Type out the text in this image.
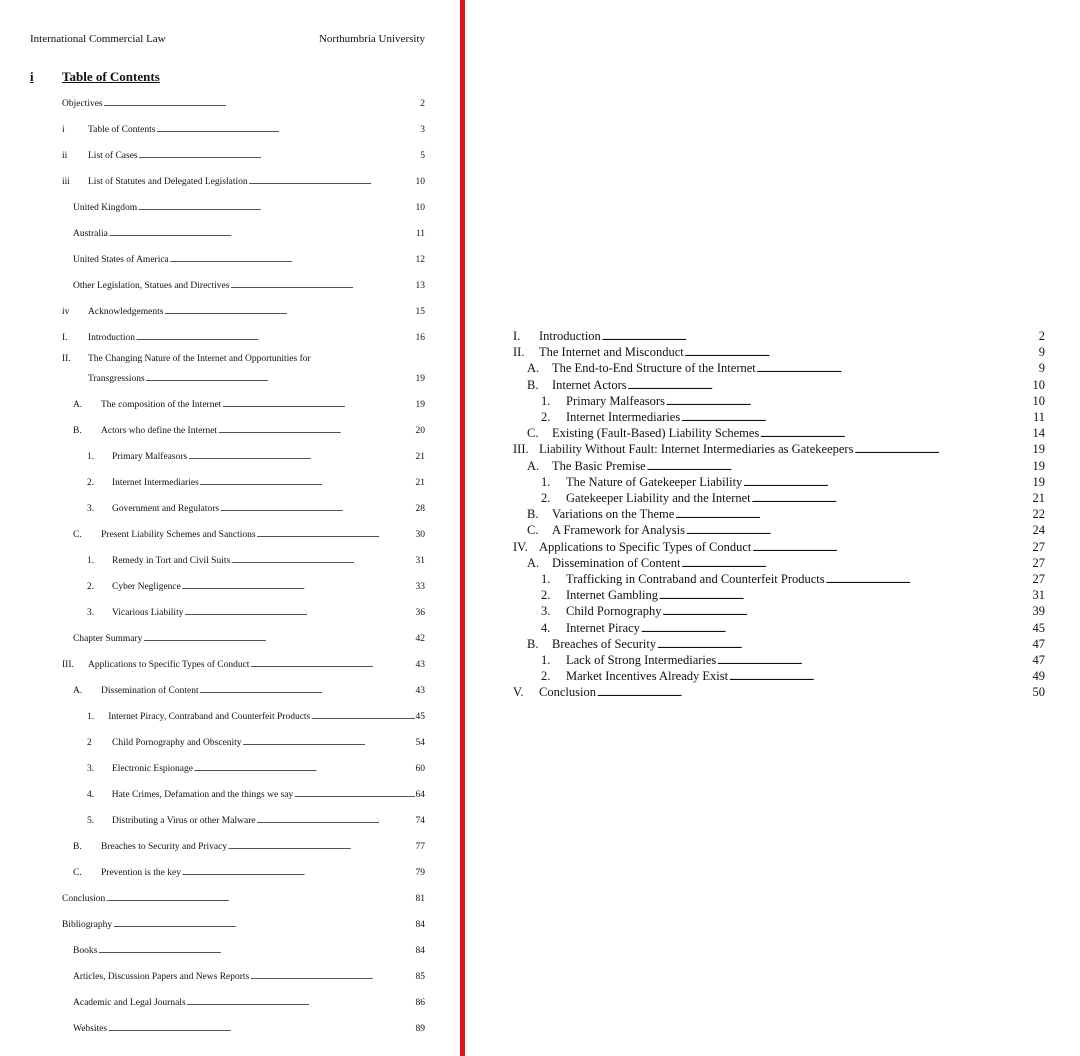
International Commercial Law	Northumbria University
i Table of Contents
Objectives . . .	2
i	Table of Contents . . .	3
ii	List of Cases . . .	5
iii	List of Statutes and Delegated Legislation . . .	10
United Kingdom . . .	10
Australia . . .	11
United States of America . . .	12
Other Legislation, Statues and Directives . . .	13
iv	Acknowledgements . . .	15
I.	Introduction . . .	16
II.	The Changing Nature of the Internet and Opportunities for
Transgressions . . .	19
A.	The composition of the Internet . . .	19
B.	Actors who define the Internet . . .	20
1.	Primary Malfeasors . . .	21
2.	Internet Intermediaries . . .	21
3.	Government and Regulators . . .	28
C.	Present Liability Schemes and Sanctions . . .	30
1.	Remedy in Tort and Civil Suits . . .	31
2.	Cyber Negligence . . .	33
3.	Vicarious Liability . . .	36
Chapter Summary . . .	42
III.	Applications to Specific Types of Conduct . . .	43
A.	Dissemination of Content . . .	43
1.	Internet Piracy, Contraband and Counterfeit Products . . .	45
2	Child Pornography and Obscenity . . .	54
3.	Electronic Espionage . . .	60
4.	Hate Crimes, Defamation and the things we say . . .	64
5.	Distributing a Virus or other Malware . . .	74
B.	Breaches to Security and Privacy . . .	77
C.	Prevention is the key . . .	79
Conclusion . . .	81
Bibliography . . .	84
Books . . .	84
Articles, Discussion Papers and News Reports . . .	85
Academic and Legal Journals . . .	86
Websites . . .	89
I.	Introduction . . .	2
II.	The Internet and Misconduct . . .	9
A.	The End-to-End Structure of the Internet . . .	9
B.	Internet Actors . . .	10
1.	Primary Malfeasors . . .	10
2.	Internet Intermediaries . . .	11
C.	Existing (Fault-Based) Liability Schemes . . .	14
III. Liability Without Fault: Internet Intermediaries as Gatekeepers . . .	19
A.	The Basic Premise . . .	19
1.	The Nature of Gatekeeper Liability . . .	19
2.	Gatekeeper Liability and the Internet . . .	21
B.	Variations on the Theme . . .	22
C.	A Framework for Analysis . . .	24
IV. Applications to Specific Types of Conduct . . .	27
A.	Dissemination of Content . . .	27
1.	Trafficking in Contraband and Counterfeit Products . . .	27
2.	Internet Gambling . . .	31
3.	Child Pornography . . .	39
4.	Internet Piracy . . .	45
B.	Breaches of Security . . .	47
1.	Lack of Strong Intermediaries . . .	47
2.	Market Incentives Already Exist . . .	49
V.	Conclusion . . .	50
